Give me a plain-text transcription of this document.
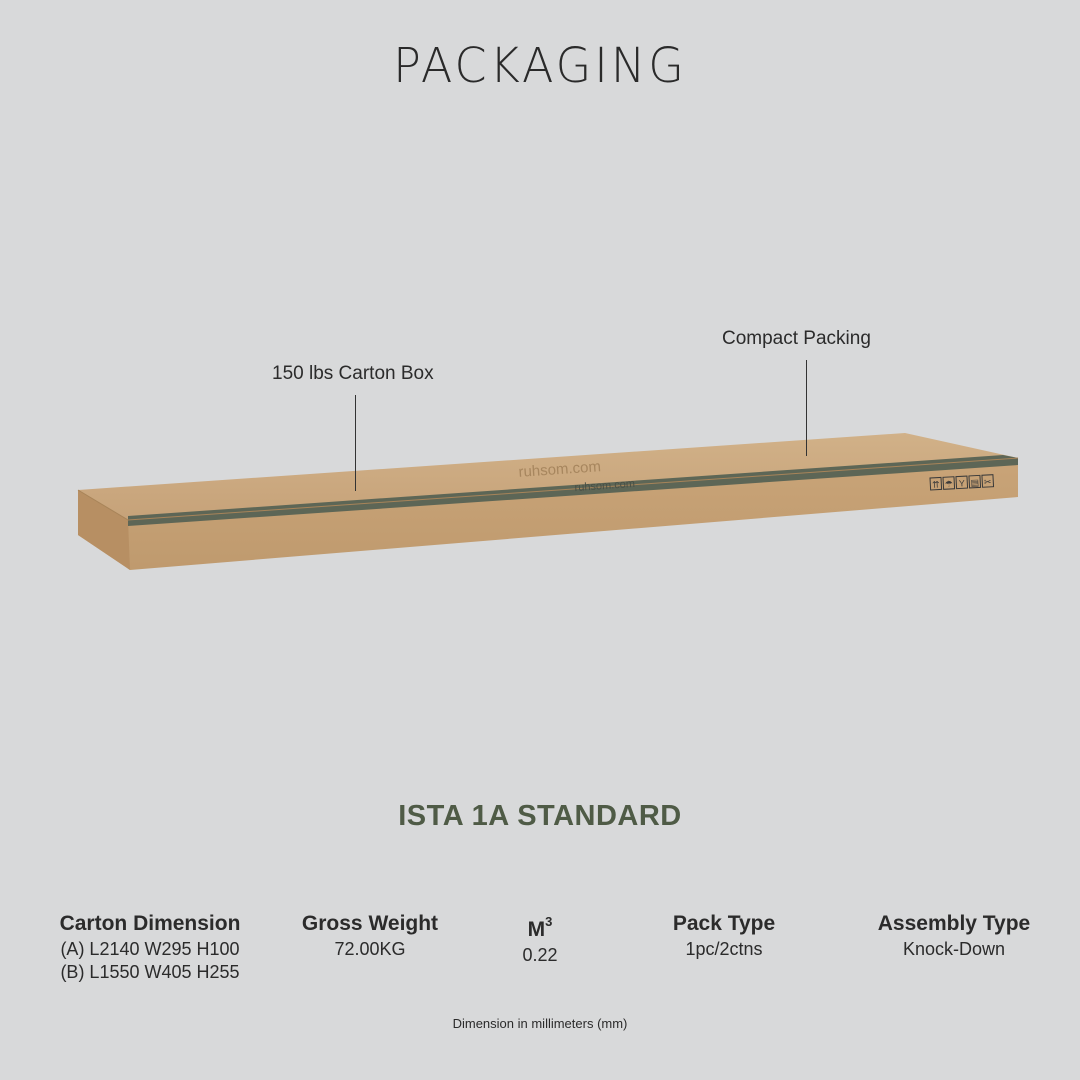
PACKAGING
ruhsom.com
ruhsom.com	⇈ ☂ Y ▤ ✂
150 lbs Carton Box
Compact Packing
ISTA 1A STANDARD
Carton Dimension
(A) L2140 W295 H100
(B) L1550 W405 H255
Gross Weight
72.00KG
$M^3$
0.22
Pack Type
1pc/2ctns
Assembly Type
Knock-Down
Dimension in millimeters (mm)
